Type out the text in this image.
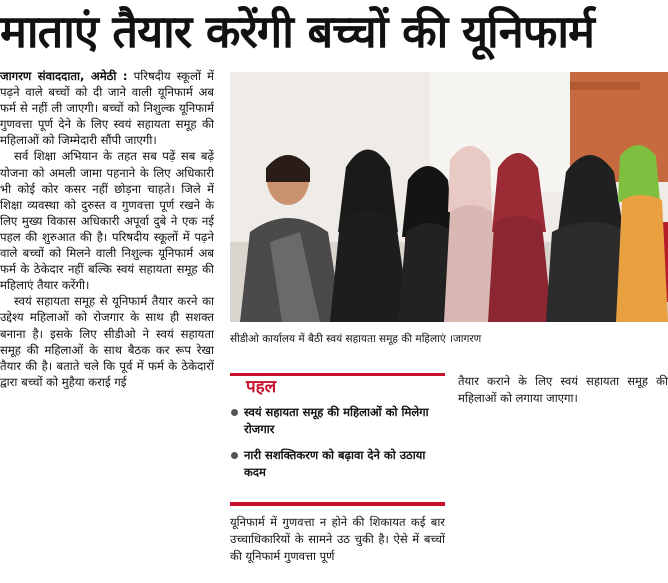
माताएं तैयार करेंगी बच्चों की यूनिफार्म

जागरण संवाददाता, अमेठी : परिषदीय स्कूलों में पढ़ने वाले बच्चों को दी जाने वाली यूनिफार्म अब फर्म से नहीं ली जाएगी। बच्चों को निशुल्क यूनिफार्म गुणवत्ता पूर्ण देने के लिए स्वयं सहायता समूह की महिलाओं को जिम्मेदारी सौंपी जाएगी।

सर्व शिक्षा अभियान के तहत सब पढ़ें सब बढ़ें योजना को अमली जामा पहनाने के लिए अधिकारी भी कोई कोर कसर नहीं छोड़ना चाहते। जिले में शिक्षा व्यवस्था को दुरुस्त व गुणवत्ता पूर्ण रखने के लिए मुख्य विकास अधिकारी अपूर्वा दुबे ने एक नई पहल की शुरुआत की है। परिषदीय स्कूलों में पढ़ने वाले बच्चों को मिलने वाली निशुल्क यूनिफार्म अब फर्म के ठेकेदार नहीं बल्कि स्वयं सहायता समूह की महिलाएं तैयार करेंगी।

स्वयं सहायता समूह से यूनिफार्म तैयार करने का उद्देश्य महिलाओं को रोजगार के साथ ही सशक्त बनाना है। इसके लिए सीडीओ ने स्वयं सहायता समूह की महिलाओं के साथ बैठक कर रूप रेखा तैयार की है। बताते चले कि पूर्व में फर्म के ठेकेदारों द्वारा बच्चों को मुहैया कराई गई

सीडीओ कार्यालय में बैठी स्वयं सहायता समूह की महिलाएं ।जागरण
पहल
स्वयं सहायता समूह की महिलाओं को मिलेगा रोजगार
नारी सशक्तिकरण को बढ़ावा देने को उठाया कदम
यूनिफार्म में गुणवत्ता न होने की शिकायत कई बार उच्चाधिकारियों के सामने उठ चुकी है। ऐसे में बच्चों की यूनिफार्म गुणवत्ता पूर्ण
तैयार कराने के लिए स्वयं सहायता समूह की महिलाओं को लगाया जाएगा।
